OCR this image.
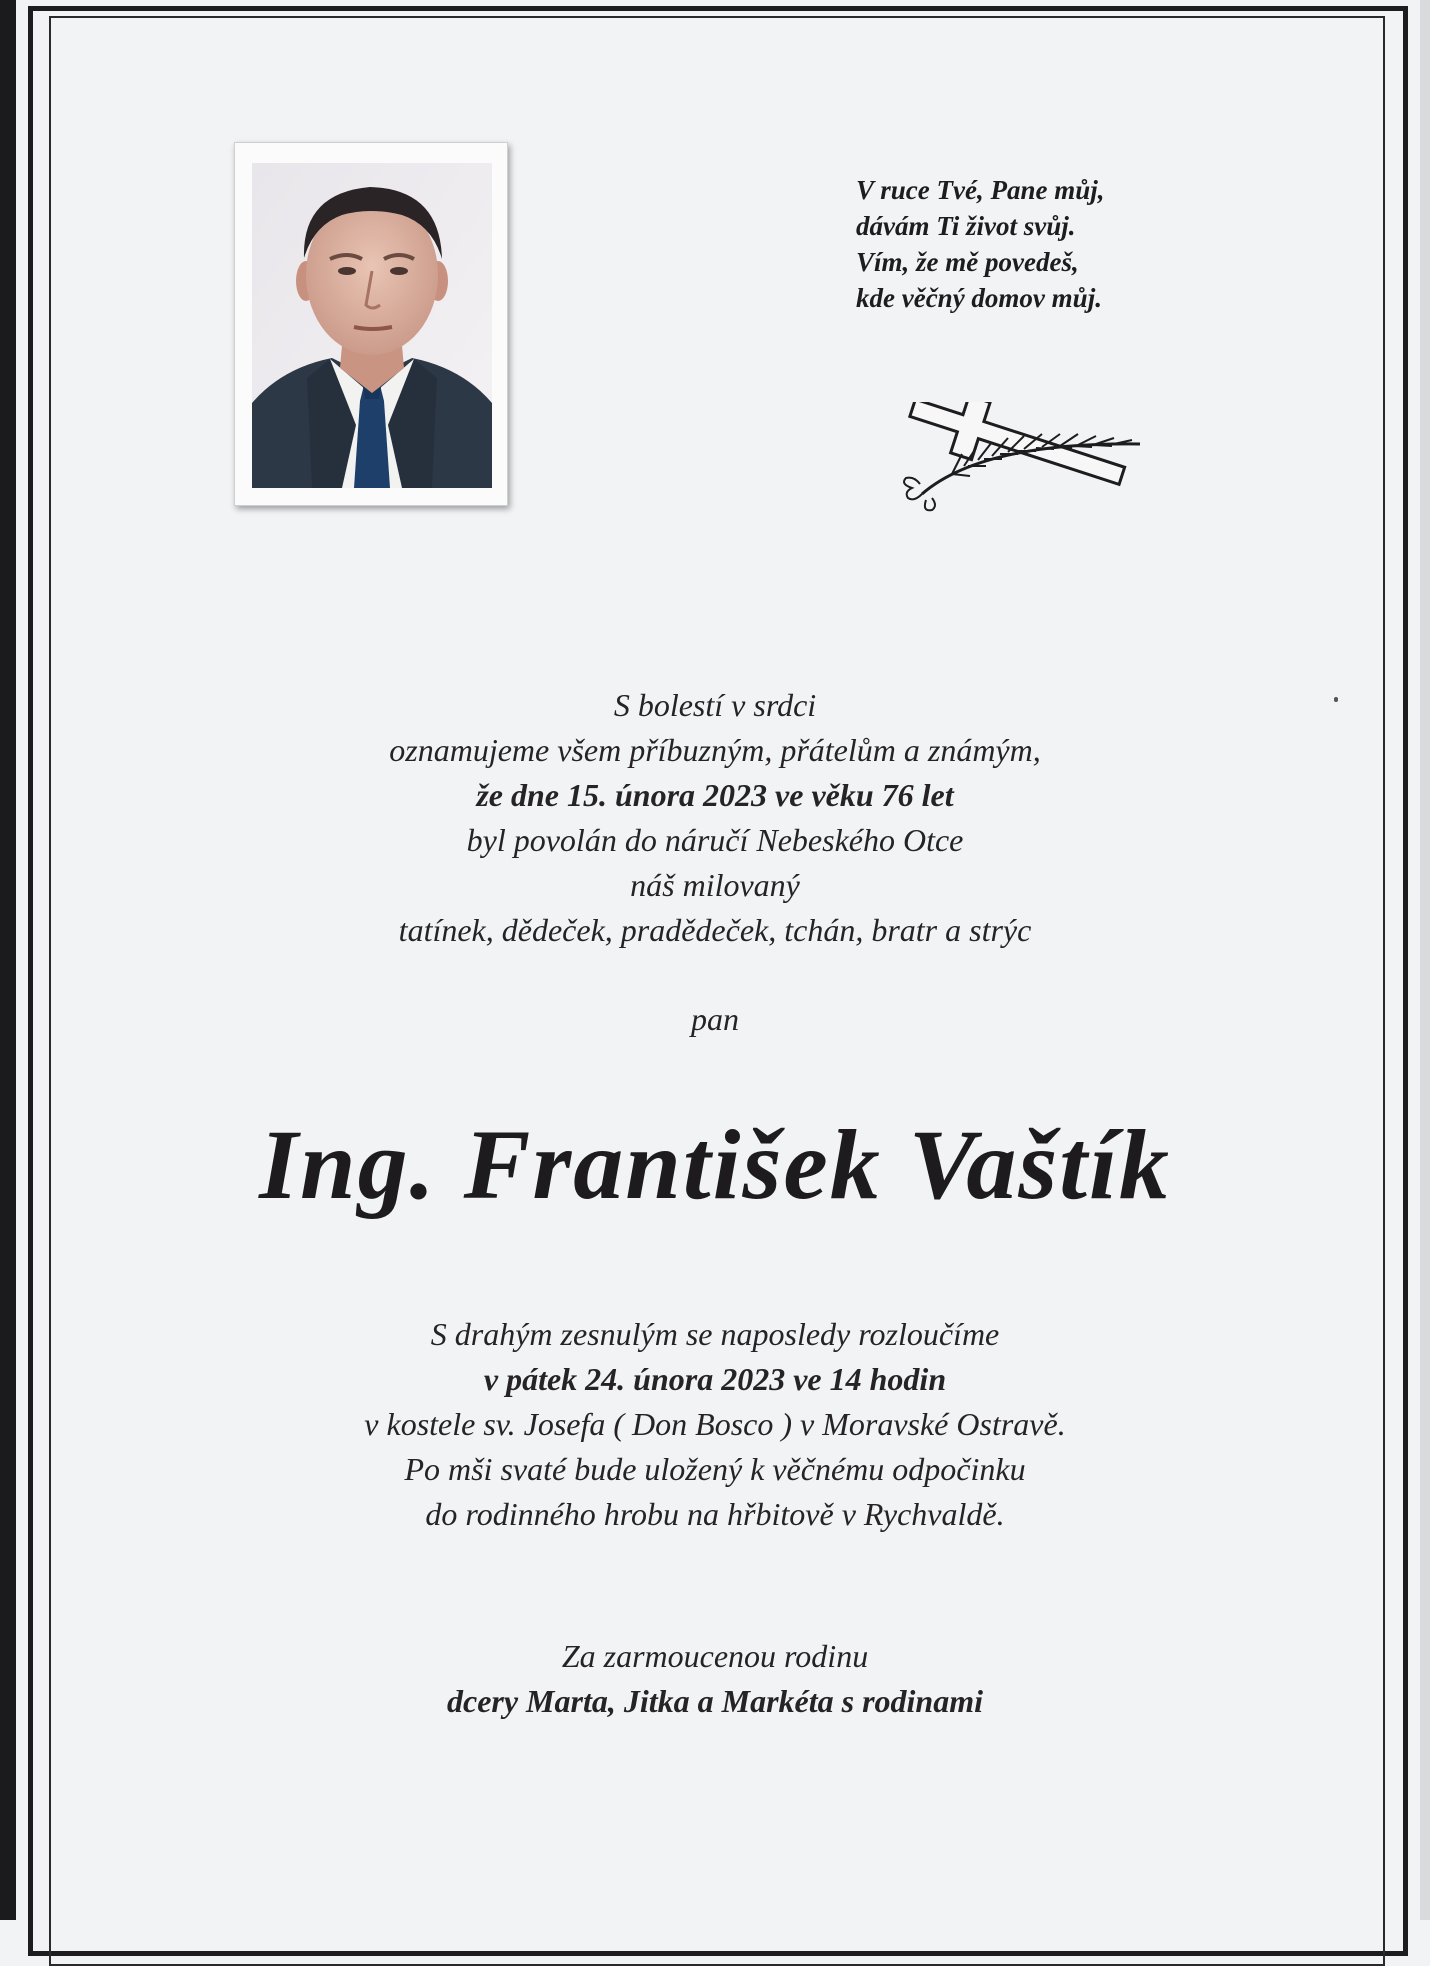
V ruce Tvé, Pane můj,
dávám Ti život svůj.
Vím, že mě povedeš,
kde věčný domov můj.
S bolestí v srdci
oznamujeme všem příbuzným, přátelům a známým,
že dne 15. února 2023 ve věku 76 let
byl povolán do náručí Nebeského Otce
náš milovaný
tatínek, dědeček, pradědeček, tchán, bratr a strýc
pan
Ing. František Vaštík
S drahým zesnulým se naposledy rozloučíme
v pátek 24. února 2023 ve 14 hodin
v kostele sv. Josefa ( Don Bosco ) v Moravské Ostravě.
Po mši svaté bude uložený k věčnému odpočinku
do rodinného hrobu na hřbitově v Rychvaldě.
Za zarmoucenou rodinu
dcery Marta, Jitka a Markéta s rodinami
